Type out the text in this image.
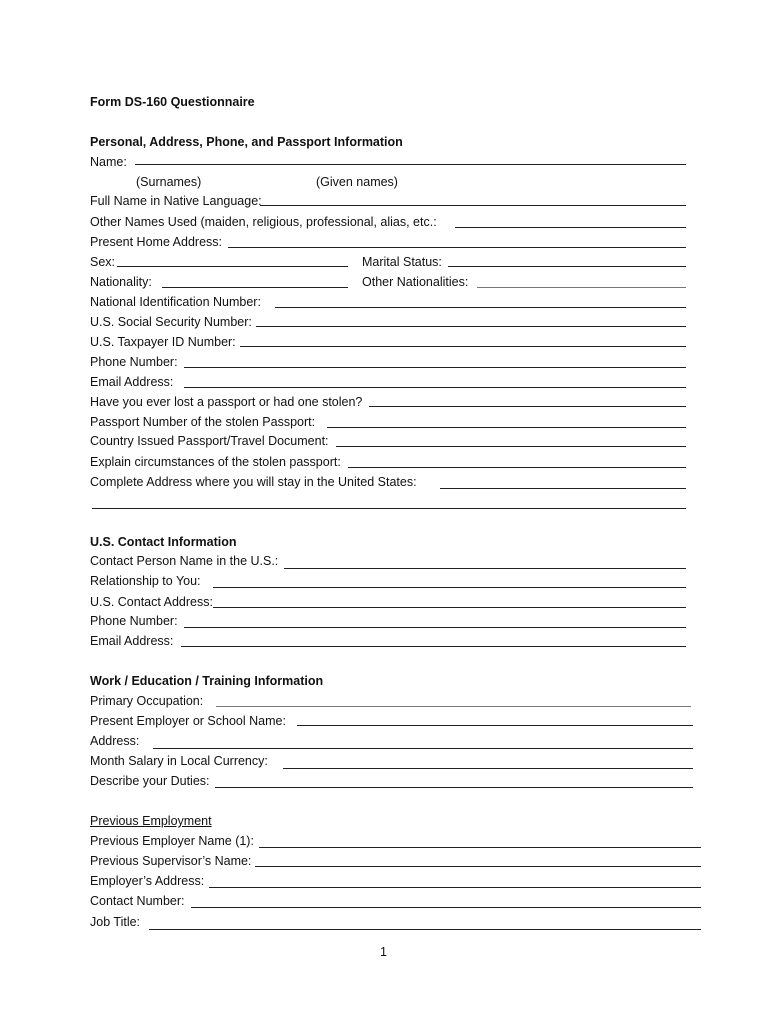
Form DS-160 Questionnaire
Personal, Address, Phone, and Passport Information
Name:
(Surnames)	(Given names)
Full Name in Native Language:
Other Names Used (maiden, religious, professional, alias, etc.:
Present Home Address:
Sex:	Marital Status:
Nationality:	Other Nationalities:
National Identification Number:
U.S. Social Security Number:
U.S. Taxpayer ID Number:
Phone Number:
Email Address:
Have you ever lost a passport or had one stolen?
Passport Number of the stolen Passport:
Country Issued Passport/Travel Document:
Explain circumstances of the stolen passport:
Complete Address where you will stay in the United States:
U.S. Contact Information
Contact Person Name in the U.S.:
Relationship to You:
U.S. Contact Address:
Phone Number:
Email Address:
Work / Education / Training Information
Primary Occupation:
Present Employer or School Name:
Address:
Month Salary in Local Currency:
Describe your Duties:
Previous Employment
Previous Employer Name (1):
Previous Supervisor’s Name:
Employer’s Address:
Contact Number:
Job Title:
1
